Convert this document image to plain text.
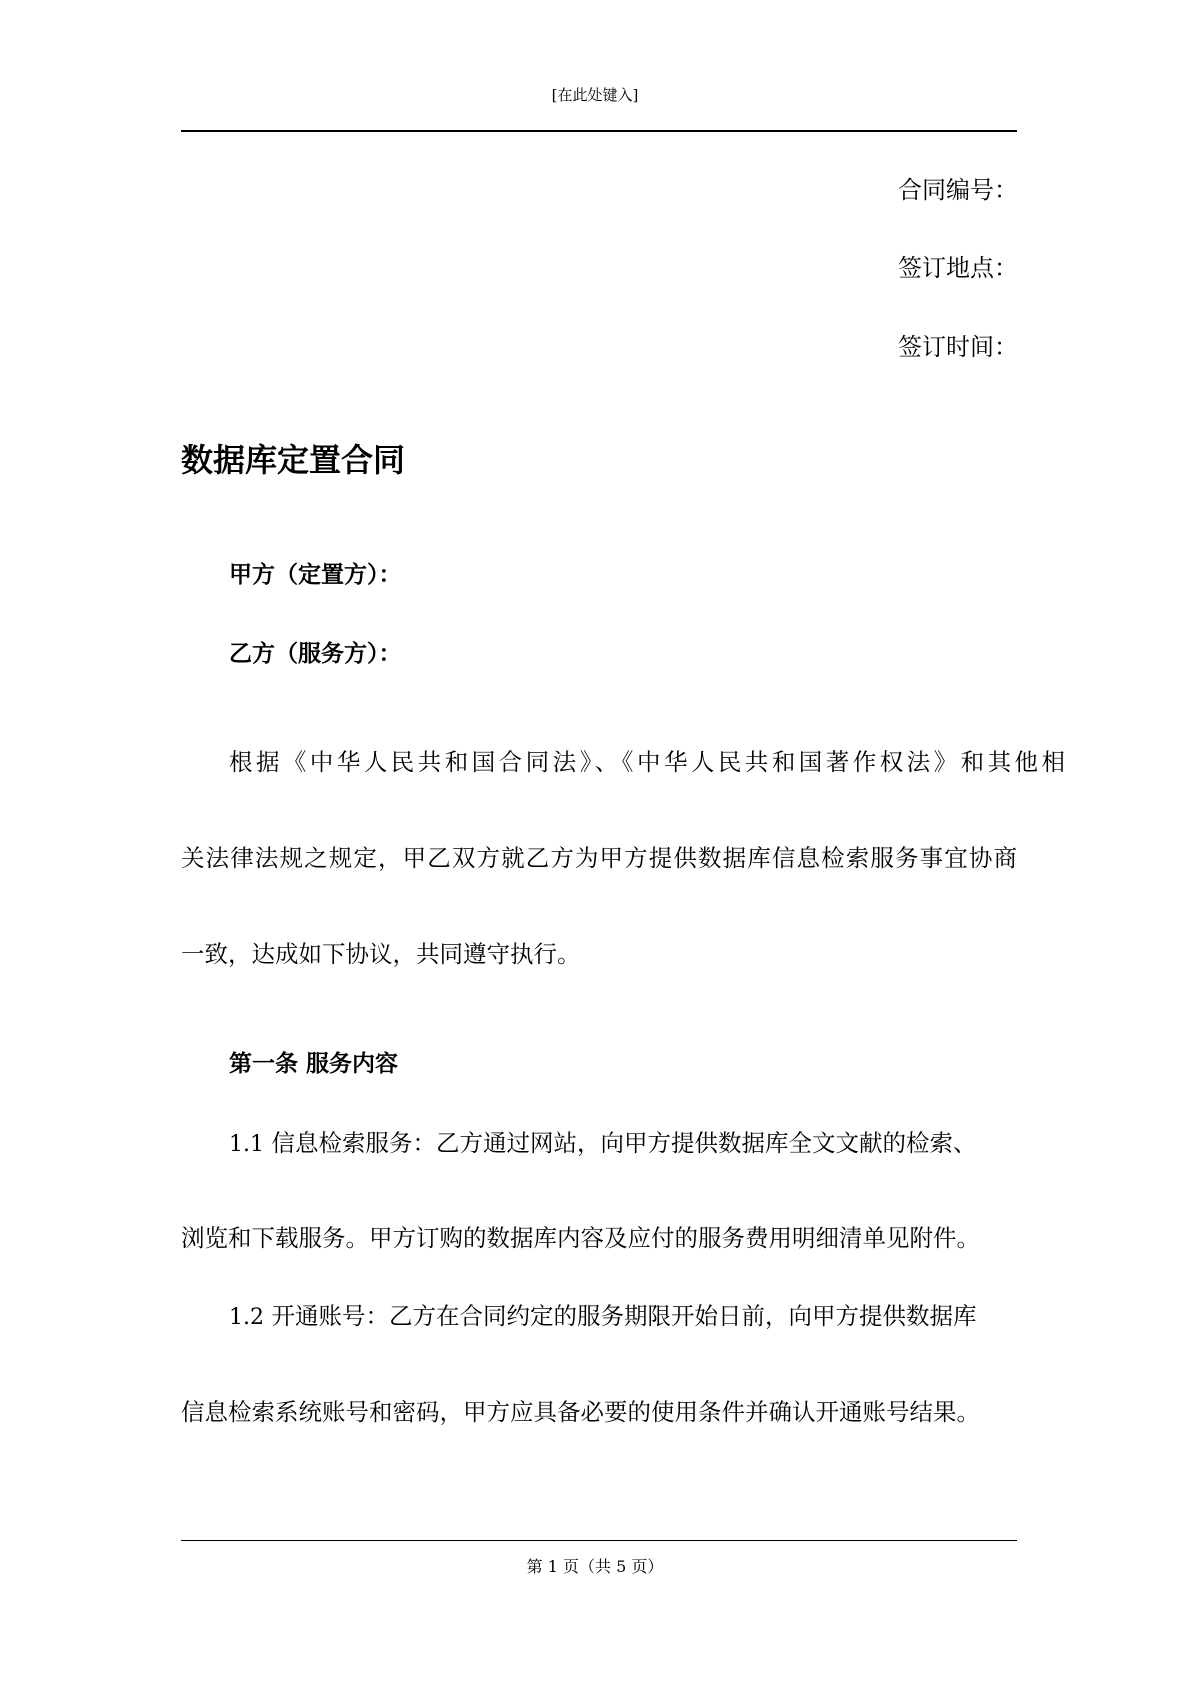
[在此处键入]
合同编号：
签订地点：
签订时间：
数据库定置合同
甲方（定置方）：
乙方（服务方）：
根据《中华人民共和国合同法》、《中华人民共和国著作权法》和其他相
关法律法规之规定，甲乙双方就乙方为甲方提供数据库信息检索服务事宜协商
一致，达成如下协议，共同遵守执行。
第一条 服务内容
1.1 信息检索服务：乙方通过网站，向甲方提供数据库全文文献的检索、
浏览和下载服务。甲方订购的数据库内容及应付的服务费用明细清单见附件。
1.2 开通账号：乙方在合同约定的服务期限开始日前，向甲方提供数据库
信息检索系统账号和密码，甲方应具备必要的使用条件并确认开通账号结果。
第 1 页（共 5 页）
